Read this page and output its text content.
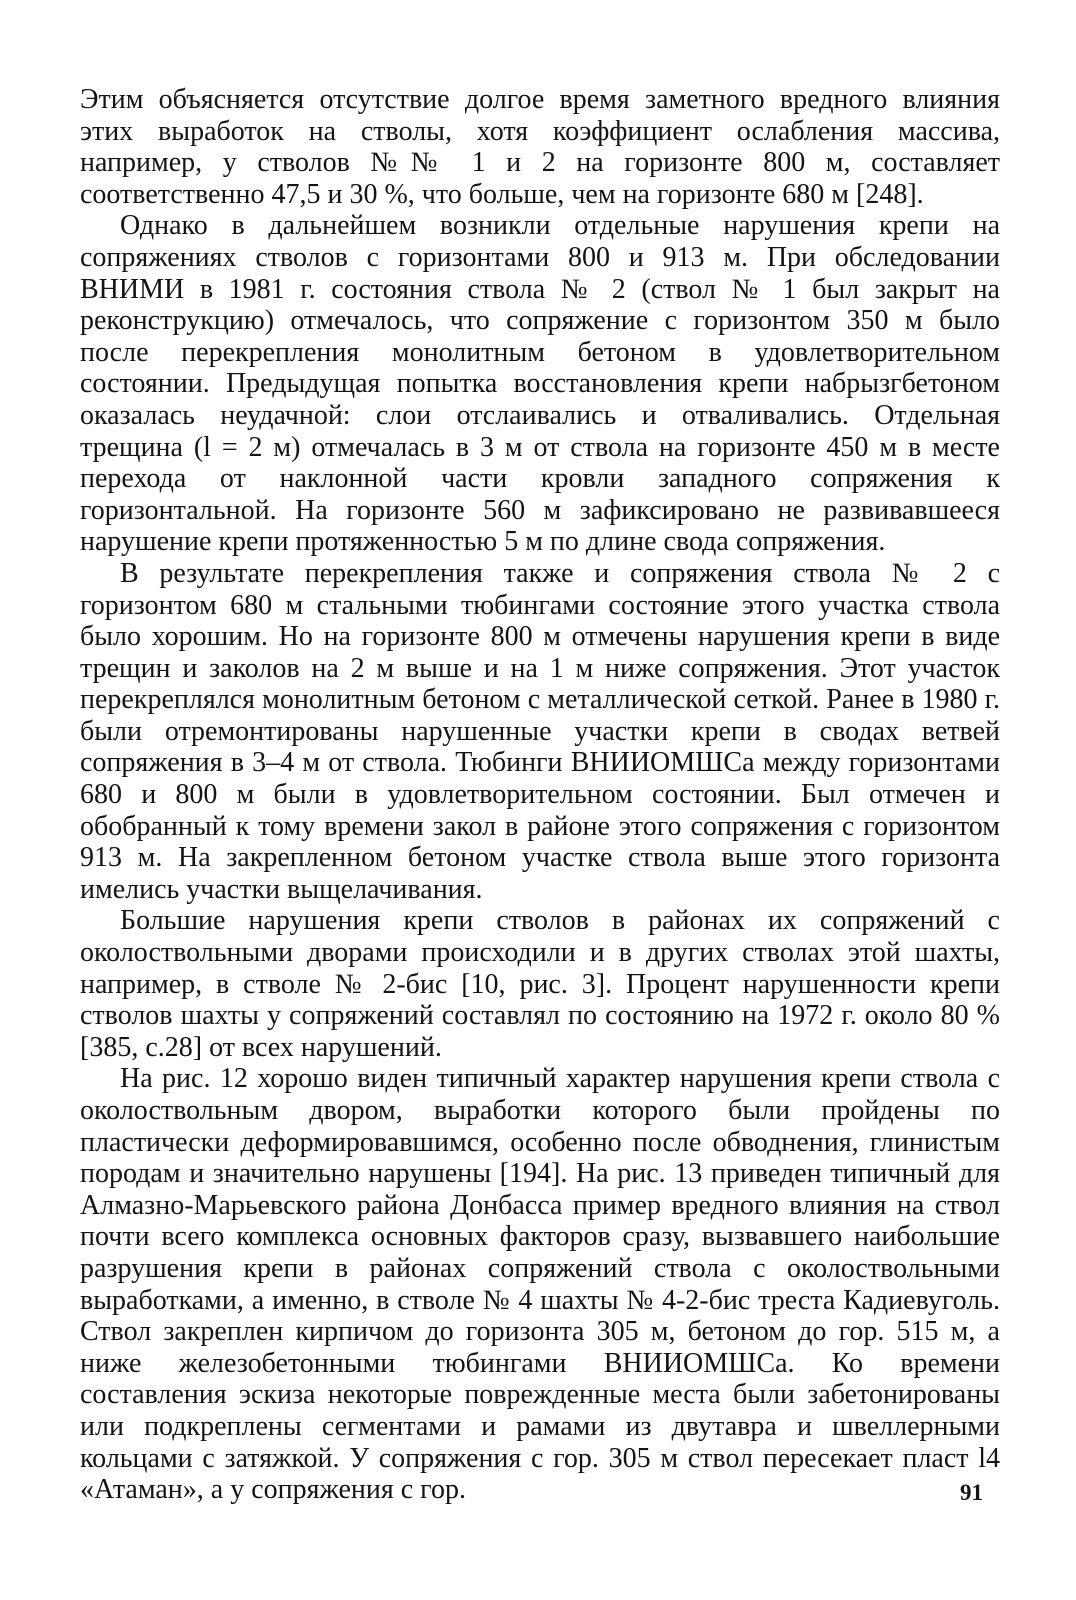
Этим объясняется отсутствие долгое время заметного вредного влияния этих выработок на стволы, хотя коэффициент ослабления массива, например, у стволов №№ 1 и 2 на горизонте 800 м, составляет соответственно 47,5 и 30 %, что больше, чем на горизонте 680 м [248].

Однако в дальнейшем возникли отдельные нарушения крепи на сопряжениях стволов с горизонтами 800 и 913 м. При обследовании ВНИМИ в 1981 г. состояния ствола № 2 (ствол № 1 был закрыт на реконструкцию) отмечалось, что сопряжение с горизонтом 350 м было после перекрепления монолитным бетоном в удовлетворительном состоянии. Предыдущая попытка восстановления крепи набрызгбетоном оказалась неудачной: слои отслаивались и отваливались. Отдельная трещина (l = 2 м) отмечалась в 3 м от ствола на горизонте 450 м в месте перехода от наклонной части кровли западного сопряжения к горизонтальной. На горизонте 560 м зафиксировано не развивавшееся нарушение крепи протяженностью 5 м по длине свода сопряжения.

В результате перекрепления также и сопряжения ствола № 2 с горизонтом 680 м стальными тюбингами состояние этого участка ствола было хорошим. Но на горизонте 800 м отмечены нарушения крепи в виде трещин и заколов на 2 м выше и на 1 м ниже сопряжения. Этот участок перекреплялся монолитным бетоном с металлической сеткой. Ранее в 1980 г. были отремонтированы нарушенные участки крепи в сводах ветвей сопряжения в 3–4 м от ствола. Тюбинги ВНИИОМШСа между горизонтами 680 и 800 м были в удовлетворительном состоянии. Был отмечен и обобранный к тому времени закол в районе этого сопряжения с горизонтом 913 м. На закрепленном бетоном участке ствола выше этого горизонта имелись участки выщелачивания.

Большие нарушения крепи стволов в районах их сопряжений с околоствольными дворами происходили и в других стволах этой шахты, например, в стволе № 2-бис [10, рис. 3]. Процент нарушенности крепи стволов шахты у сопряжений составлял по состоянию на 1972 г. около 80 % [385, с.28] от всех нарушений.

На рис. 12 хорошо виден типичный характер нарушения крепи ствола с околоствольным двором, выработки которого были пройдены по пластически деформировавшимся, особенно после обводнения, глинистым породам и значительно нарушены [194]. На рис. 13 приведен типичный для Алмазно-Марьевского района Донбасса пример вредного влияния на ствол почти всего комплекса основных факторов сразу, вызвавшего наибольшие разрушения крепи в районах сопряжений ствола с околоствольными выработками, а именно, в стволе № 4 шахты № 4-2-бис треста Кадиевуголь. Ствол закреплен кирпичом до горизонта 305 м, бетоном до гор. 515 м, а ниже железобетонными тюбингами ВНИИОМШСа. Ко времени составления эскиза некоторые поврежденные места были забетонированы или подкреплены сегментами и рамами из двутавра и швеллерными кольцами с затяжкой. У сопряжения с гор. 305 м ствол пересекает пласт l4 «Атаман», а у сопряжения с гор.	91
